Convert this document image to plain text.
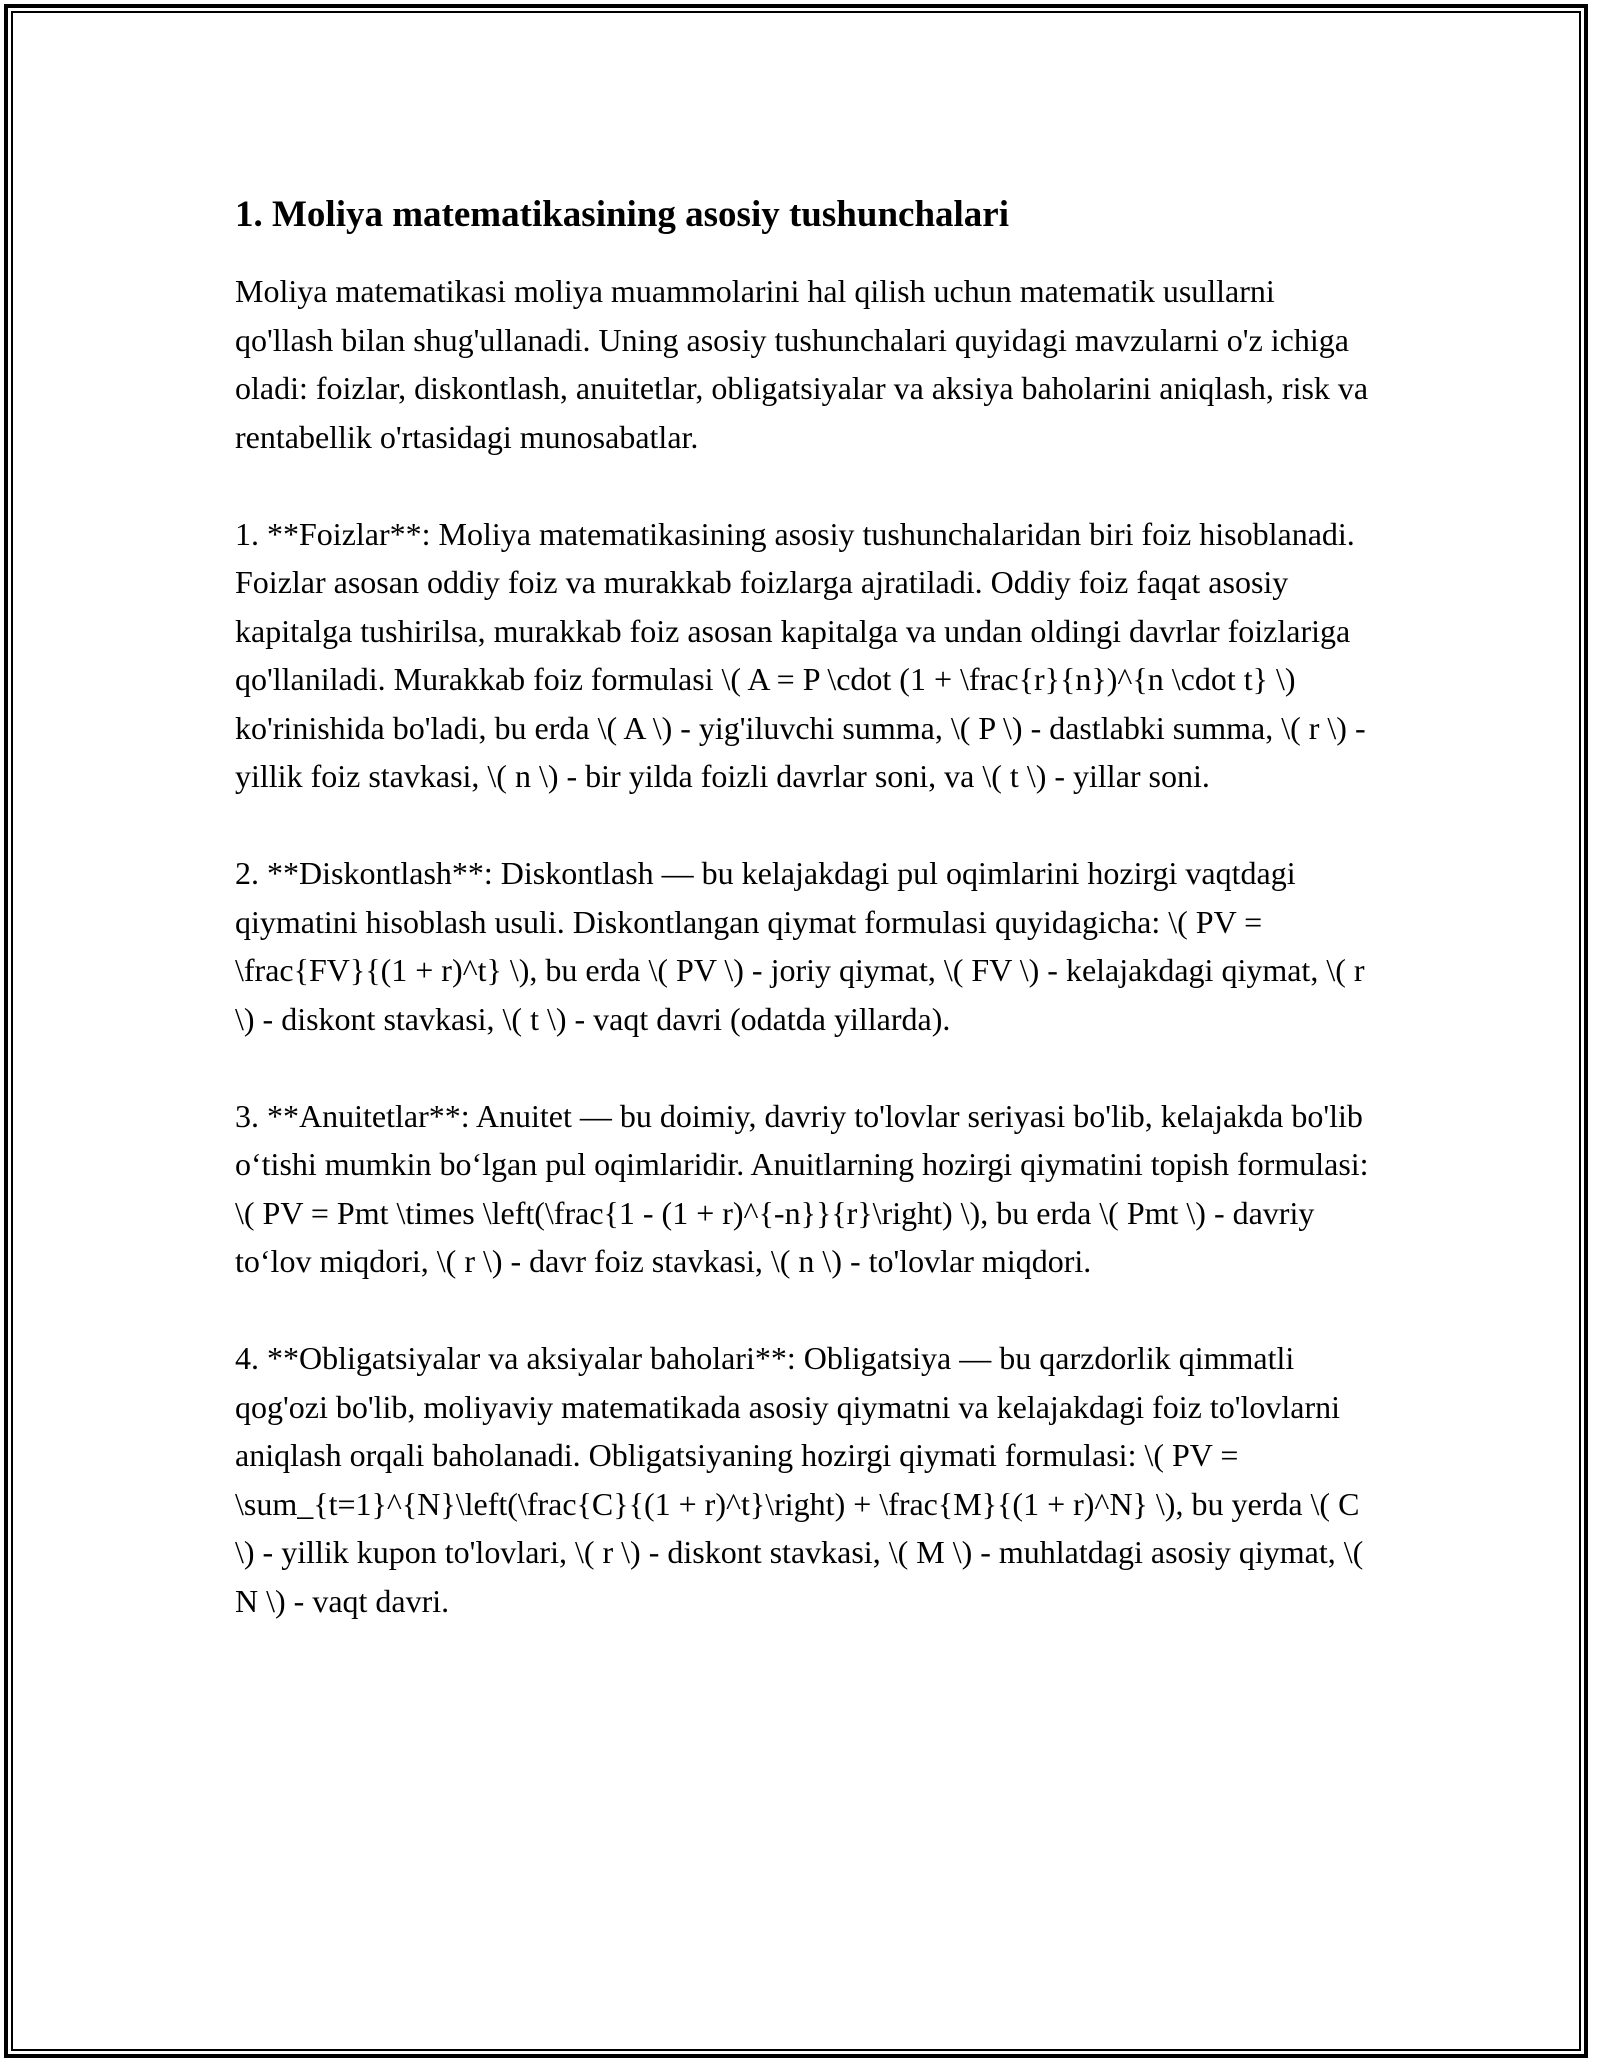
1. Moliya matematikasining asosiy tushunchalari

Moliya matematikasi moliya muammolarini hal qilish uchun matematik usullarni qo'llash bilan shug'ullanadi. Uning asosiy tushunchalari quyidagi mavzularni o'z ichiga oladi: foizlar, diskontlash, anuitetlar, obligatsiyalar va aksiya baholarini aniqlash, risk va rentabellik o'rtasidagi munosabatlar.

1. **Foizlar**: Moliya matematikasining asosiy tushunchalaridan biri foiz hisoblanadi. Foizlar asosan oddiy foiz va murakkab foizlarga ajratiladi. Oddiy foiz faqat asosiy kapitalga tushirilsa, murakkab foiz asosan kapitalga va undan oldingi davrlar foizlariga qo'llaniladi. Murakkab foiz formulasi \( A = P \cdot (1 + \frac{r}{n})^{n \cdot t} \) ko'rinishida bo'ladi, bu erda \( A \) - yig'iluvchi summa, \( P \) - dastlabki summa, \( r \) - yillik foiz stavkasi, \( n \) - bir yilda foizli davrlar soni, va \( t \) - yillar soni.

2. **Diskontlash**: Diskontlash — bu kelajakdagi pul oqimlarini hozirgi vaqtdagi qiymatini hisoblash usuli. Diskontlangan qiymat formulasi quyidagicha: \( PV = \frac{FV}{(1 + r)^t} \), bu erda \( PV \) - joriy qiymat, \( FV \) - kelajakdagi qiymat, \( r \) - diskont stavkasi, \( t \) - vaqt davri (odatda yillarda).

3. **Anuitetlar**: Anuitet — bu doimiy, davriy to'lovlar seriyasi bo'lib, kelajakda bo'lib o‘tishi mumkin bo‘lgan pul oqimlaridir. Anuitlarning hozirgi qiymatini topish formulasi: \( PV = Pmt \times \left(\frac{1 - (1 + r)^{-n}}{r}\right) \), bu erda \( Pmt \) - davriy to‘lov miqdori, \( r \) - davr foiz stavkasi, \( n \) - to'lovlar miqdori.

4. **Obligatsiyalar va aksiyalar baholari**: Obligatsiya — bu qarzdorlik qimmatli qog'ozi bo'lib, moliyaviy matematikada asosiy qiymatni va kelajakdagi foiz to'lovlarni aniqlash orqali baholanadi. Obligatsiyaning hozirgi qiymati formulasi: \( PV = \sum_{t=1}^{N}\left(\frac{C}{(1 + r)^t}\right) + \frac{M}{(1 + r)^N} \), bu yerda \( C \) - yillik kupon to'lovlari, \( r \) - diskont stavkasi, \( M \) - muhlatdagi asosiy qiymat, \( N \) - vaqt davri.
